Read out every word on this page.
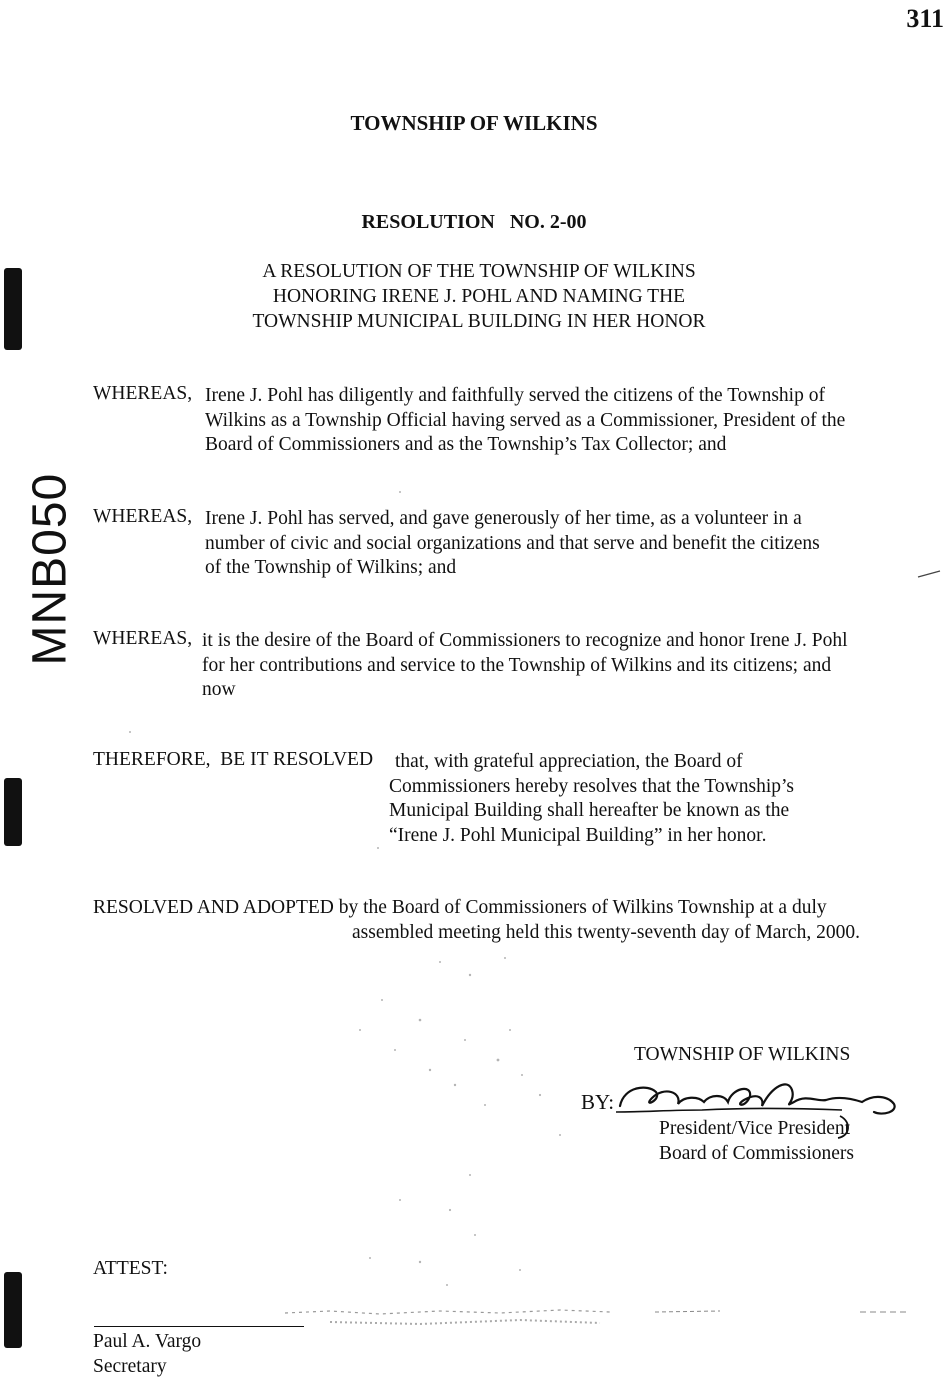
311
MNB050
TOWNSHIP OF WILKINS
RESOLUTION   NO. 2-00
A RESOLUTION OF THE TOWNSHIP OF WILKINS
HONORING IRENE J. POHL AND NAMING THE
TOWNSHIP MUNICIPAL BUILDING IN HER HONOR
WHEREAS, Irene J. Pohl has diligently and faithfully served the citizens of the Township of
Wilkins as a Township Official having served as a Commissioner, President of the
Board of Commissioners and as the Township’s Tax Collector; and
WHEREAS, Irene J. Pohl has served, and gave generously of her time, as a volunteer in a
number of civic and social organizations and that serve and benefit the citizens
of the Township of Wilkins; and
WHEREAS, it is the desire of the Board of Commissioners to recognize and honor Irene J. Pohl
for her contributions and service to the Township of Wilkins and its citizens; and
now
THEREFORE,  BE IT RESOLVED	that, with grateful appreciation, the Board of
Commissioners hereby resolves that the Township’s
Municipal Building shall hereafter be known as the
“Irene J. Pohl Municipal Building” in her honor.
RESOLVED AND ADOPTED by the Board of Commissioners of Wilkins Township at a duly
assembled meeting held this twenty-seventh day of March, 2000.
TOWNSHIP OF WILKINS
BY:
President/Vice President
Board of Commissioners
ATTEST:
Paul A. Vargo
Secretary
